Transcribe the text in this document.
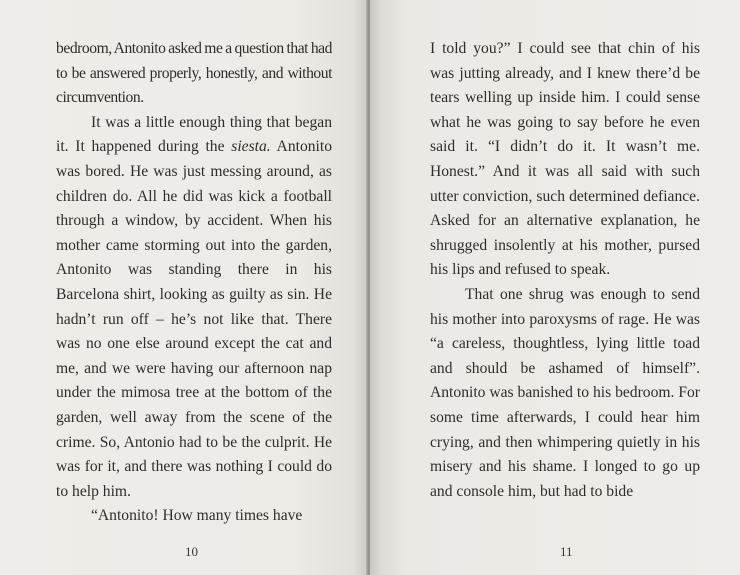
bedroom, Antonito asked me a question that had to be answered properly, honestly, and without circumvention.

It was a little enough thing that began it. It happened during the siesta. Antonito was bored. He was just messing around, as children do. All he did was kick a football through a window, by accident. When his mother came storming out into the garden, Antonito was standing there in his Barcelona shirt, looking as guilty as sin. He hadn’t run off – he’s not like that. There was no one else around except the cat and me, and we were having our afternoon nap under the mimosa tree at the bottom of the garden, well away from the scene of the crime. So, Antonio had to be the culprit. He was for it, and there was nothing I could do to help him.

“Antonito! How many times have

10

I told you?” I could see that chin of his was jutting already, and I knew there’d be tears welling up inside him. I could sense what he was going to say before he even said it. “I didn’t do it. It wasn’t me. Honest.” And it was all said with such utter conviction, such determined defiance. Asked for an alternative explanation, he shrugged insolently at his mother, pursed his lips and refused to speak.

That one shrug was enough to send his mother into paroxysms of rage. He was “a careless, thoughtless, lying little toad and should be ashamed of himself”. Antonito was banished to his bedroom. For some time afterwards, I could hear him crying, and then whimpering quietly in his misery and his shame. I longed to go up and console him, but had to bide

11
